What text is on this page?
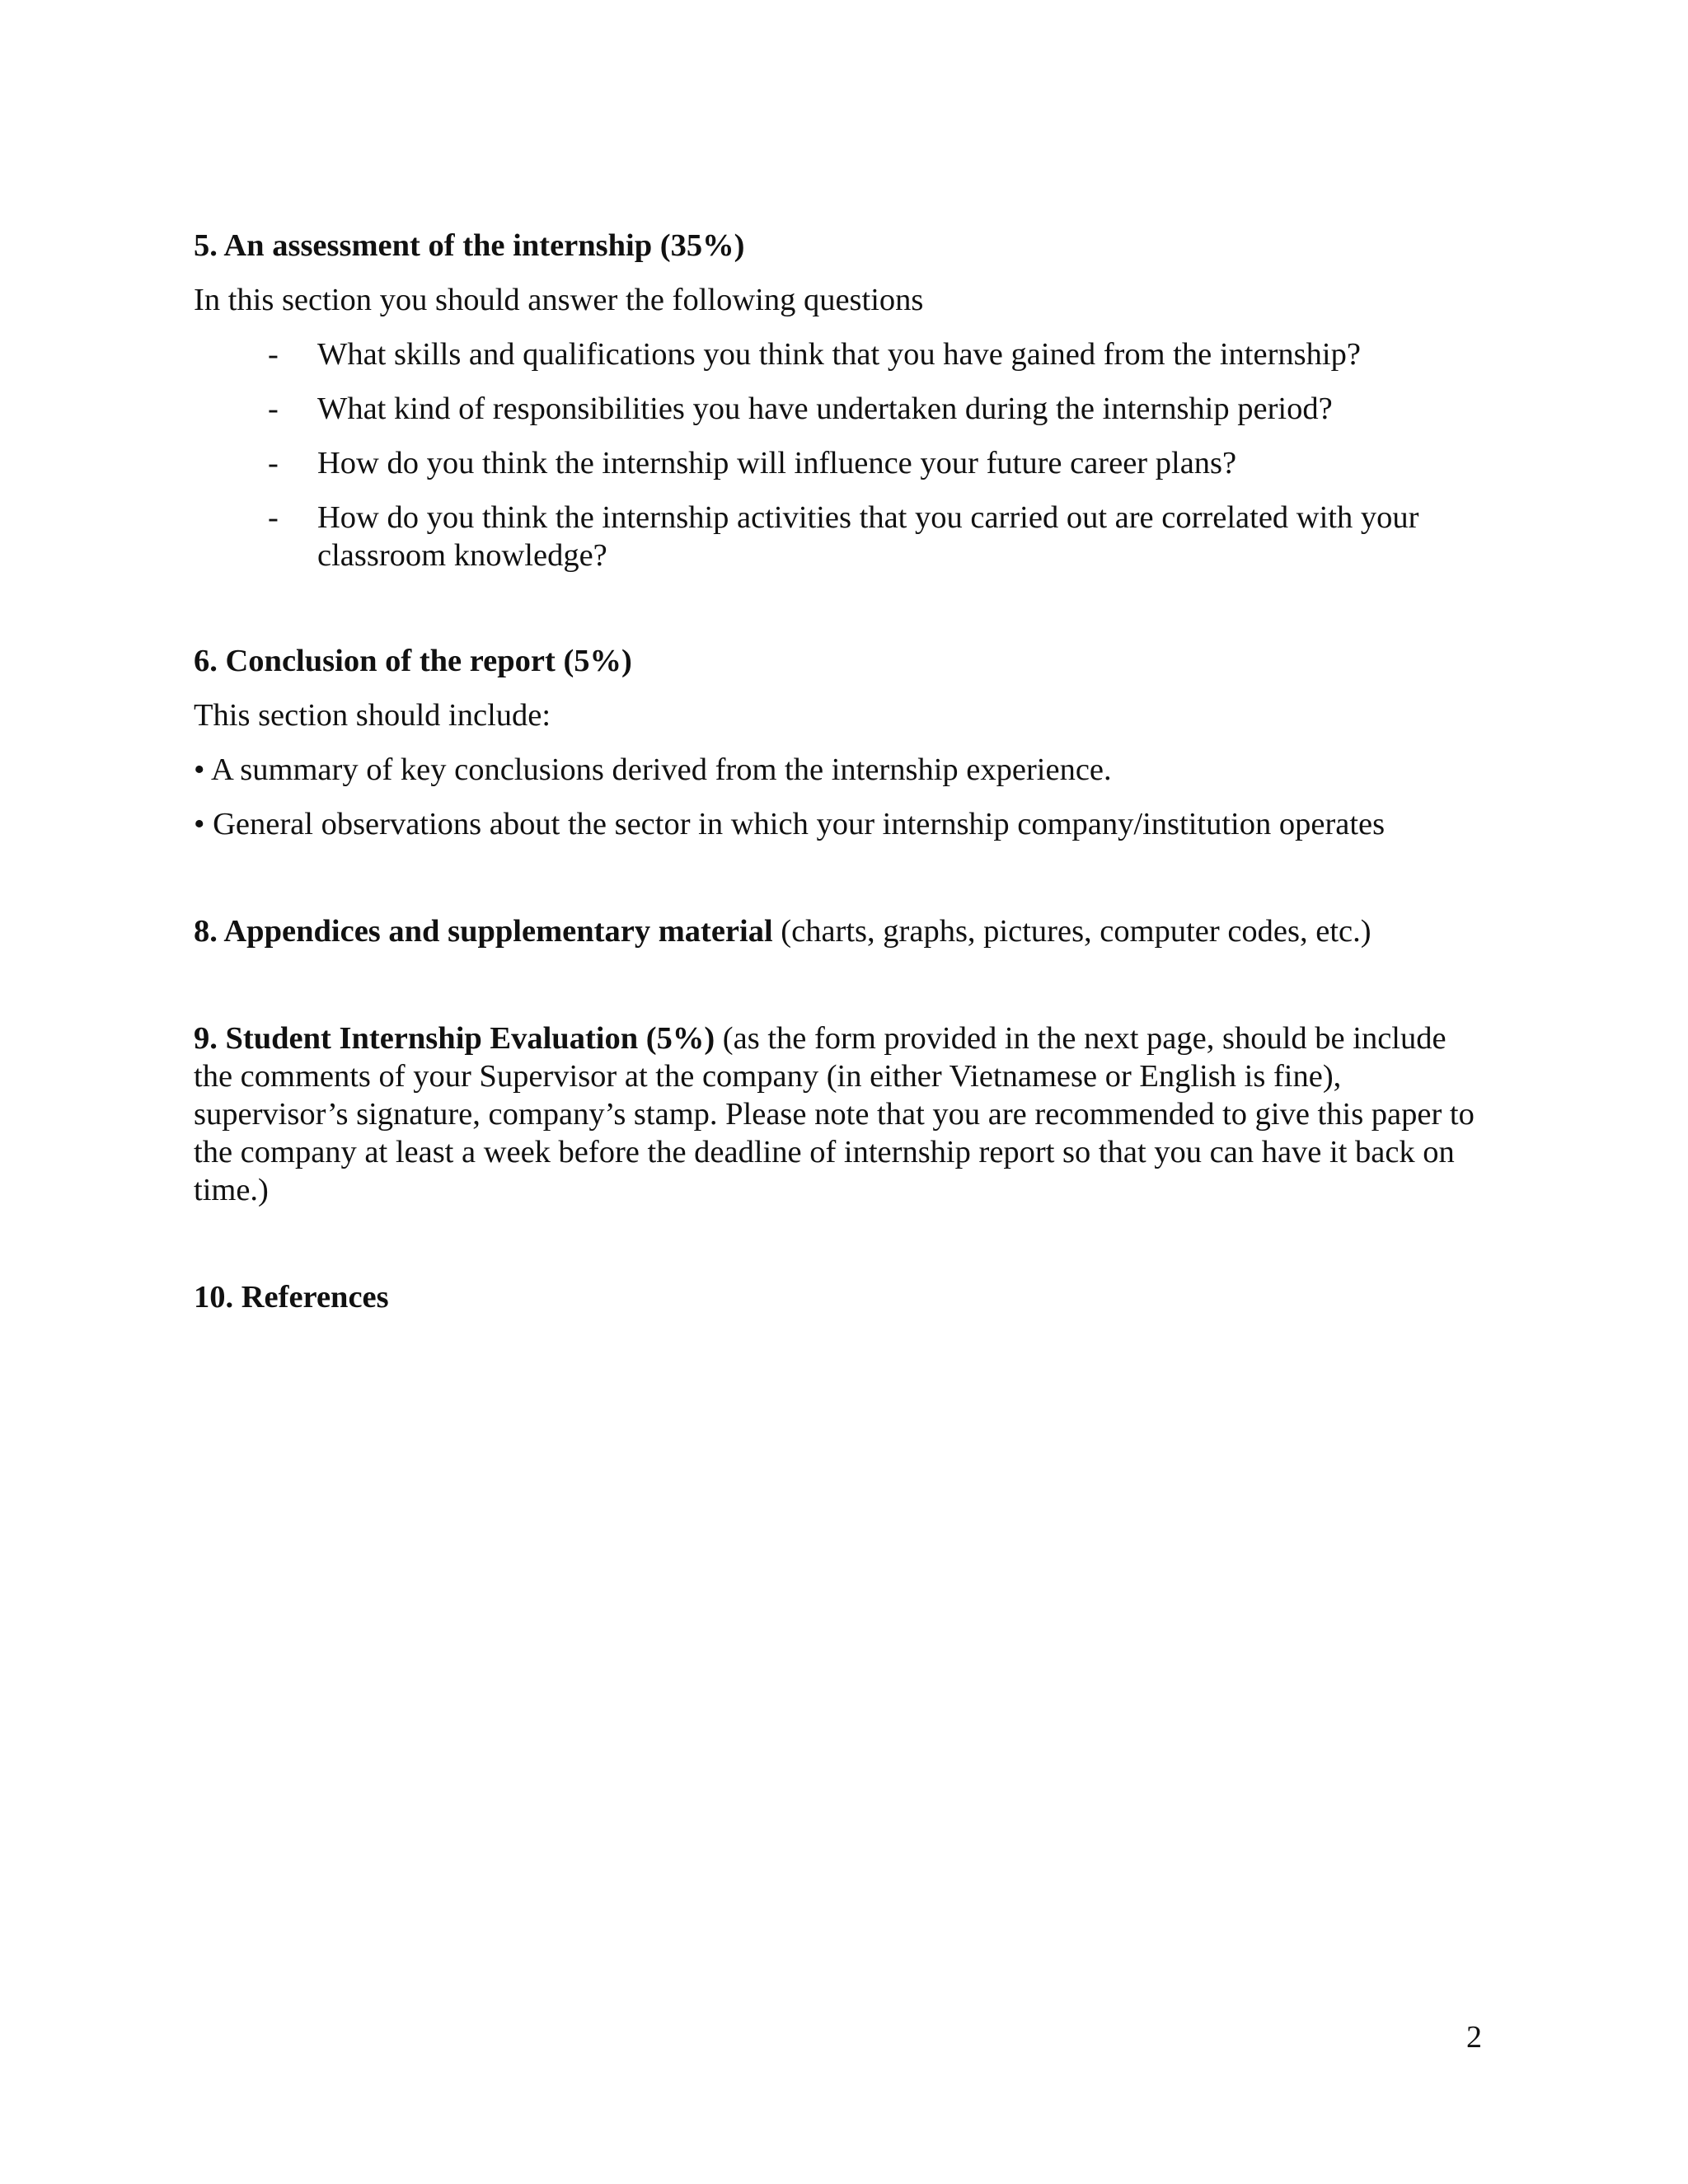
5. An assessment of the internship (35%)

In this section you should answer the following questions

- What skills and qualifications you think that you have gained from the internship?
- What kind of responsibilities you have undertaken during the internship period?
- How do you think the internship will influence your future career plans?
- How do you think the internship activities that you carried out are correlated with your classroom knowledge?

6. Conclusion of the report (5%)

This section should include:

• A summary of key conclusions derived from the internship experience.
• General observations about the sector in which your internship company/institution operates

8. Appendices and supplementary material (charts, graphs, pictures, computer codes, etc.)

9. Student Internship Evaluation (5%) (as the form provided in the next page, should be include the comments of your Supervisor at the company (in either Vietnamese or English is fine), supervisor’s signature, company’s stamp. Please note that you are recommended to give this paper to the company at least a week before the deadline of internship report so that you can have it back on time.)

10. References

2
